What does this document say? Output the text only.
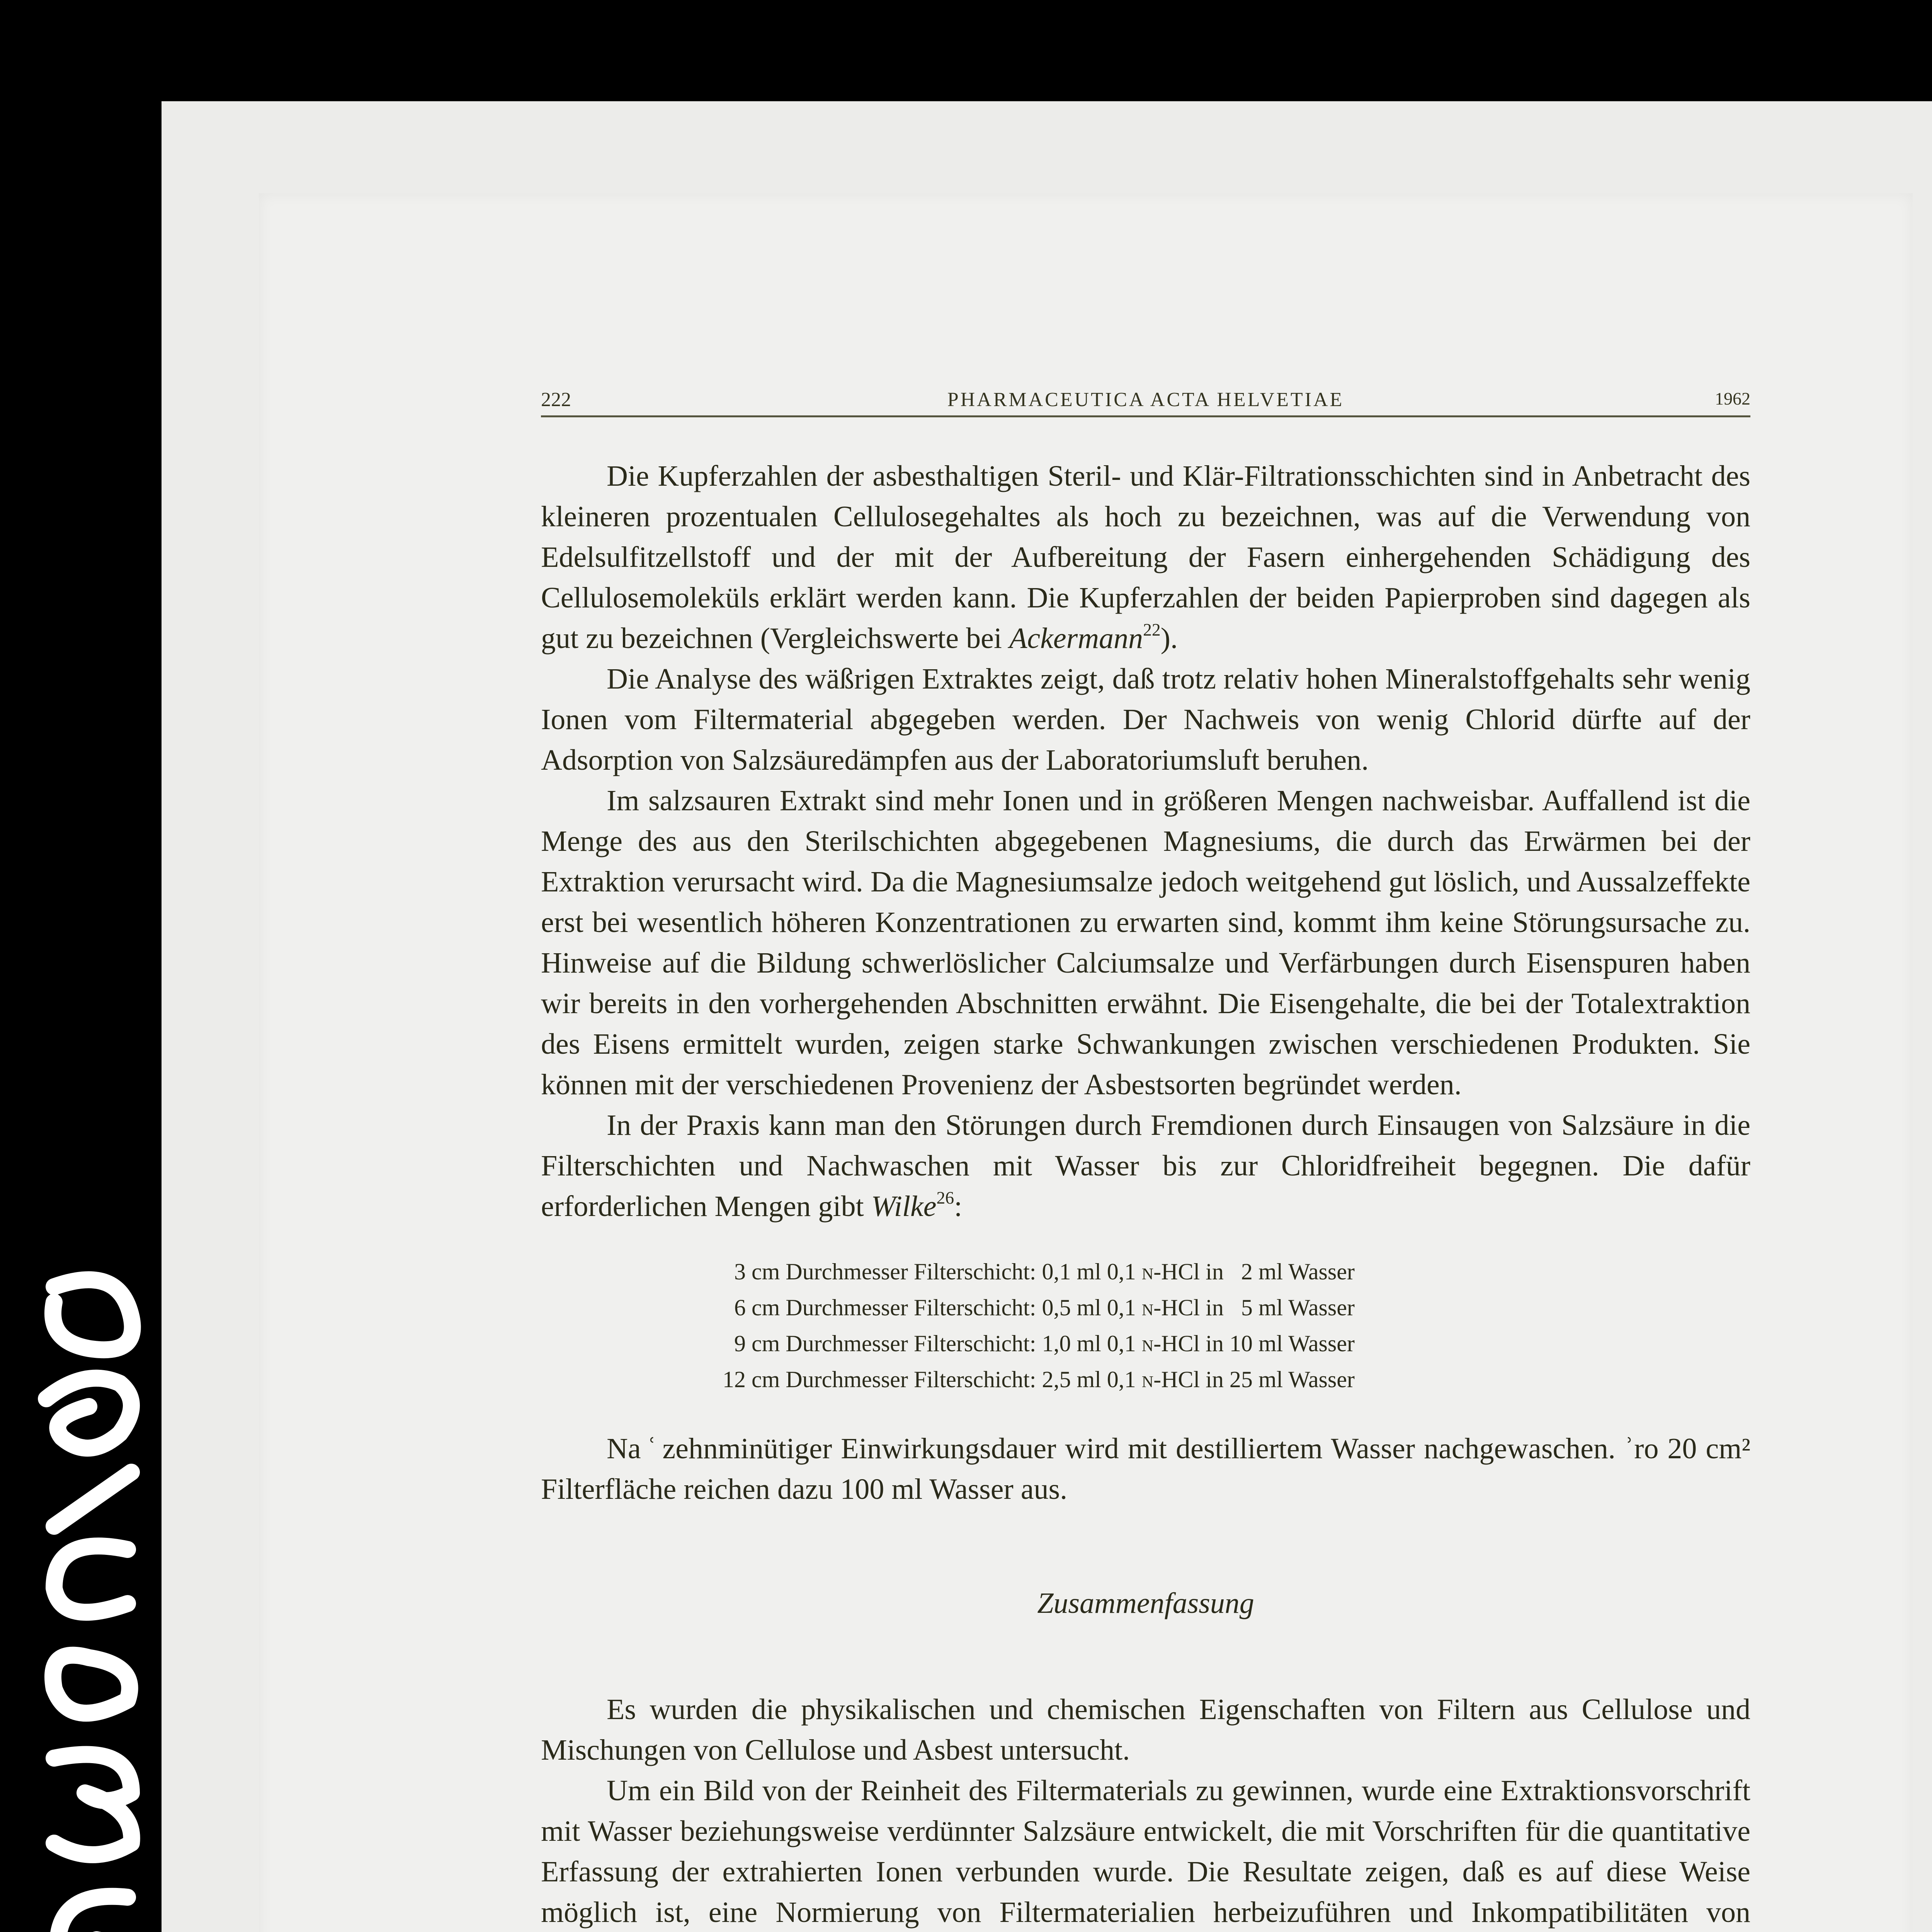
222	PHARMACEUTICA ACTA HELVETIAE	1962

Die Kupferzahlen der asbesthaltigen Steril- und Klär-Filtrationsschichten sind in Anbetracht des kleineren prozentualen Cellulosegehaltes als hoch zu bezeichnen, was auf die Verwendung von Edelsulfitzellstoff und der mit der Aufbereitung der Fasern einhergehenden Schädigung des Cellulosemoleküls erklärt werden kann. Die Kupferzahlen der beiden Papierproben sind dagegen als gut zu bezeichnen (Vergleichswerte bei Ackermann$^{22}$).

Die Analyse des wäßrigen Extraktes zeigt, daß trotz relativ hohen Mineralstoffgehalts sehr wenig Ionen vom Filtermaterial abgegeben werden. Der Nachweis von wenig Chlorid dürfte auf der Adsorption von Salzsäuredämpfen aus der Laboratoriumsluft beruhen.

Im salzsauren Extrakt sind mehr Ionen und in größeren Mengen nachweisbar. Auffallend ist die Menge des aus den Sterilschichten abgegebenen Magnesiums, die durch das Erwärmen bei der Extraktion verursacht wird. Da die Magnesiumsalze jedoch weitgehend gut löslich, und Aussalzeffekte erst bei wesentlich höheren Konzentrationen zu erwarten sind, kommt ihm keine Störungsursache zu. Hinweise auf die Bildung schwerlöslicher Calciumsalze und Verfärbungen durch Eisenspuren haben wir bereits in den vorhergehenden Abschnitten erwähnt. Die Eisengehalte, die bei der Totalextraktion des Eisens ermittelt wurden, zeigen starke Schwankungen zwischen verschiedenen Produkten. Sie können mit der verschiedenen Provenienz der Asbestsorten begründet werden.

In der Praxis kann man den Störungen durch Fremdionen durch Einsaugen von Salzsäure in die Filterschichten und Nachwaschen mit Wasser bis zur Chloridfreiheit begegnen. Die dafür erforderlichen Mengen gibt Wilke$^{26}$:

3	cm Durchmesser Filterschicht:	0,1	ml 0,1 n-HCl in	2	ml Wasser
6	cm Durchmesser Filterschicht:	0,5	ml 0,1 n-HCl in	5	ml Wasser
9	cm Durchmesser Filterschicht:	1,0	ml 0,1 n-HCl in	10	ml Wasser
12	cm Durchmesser Filterschicht:	2,5	ml 0,1 n-HCl in	25	ml Wasser

Na ʿ zehnminütiger Einwirkungsdauer wird mit destilliertem Wasser nachgewaschen. ʾro 20 cm² Filterfläche reichen dazu 100 ml Wasser aus.

Zusammenfassung

Es wurden die physikalischen und chemischen Eigenschaften von Filtern aus Cellulose und Mischungen von Cellulose und Asbest untersucht.

Um ein Bild von der Reinheit des Filtermaterials zu gewinnen, wurde eine Extraktionsvorschrift mit Wasser beziehungsweise verdünnter Salzsäure entwickelt, die mit Vorschriften für die quantitative Erfassung der extrahierten Ionen verbunden wurde. Die Resultate zeigen, daß es auf diese Weise möglich ist, eine Normierung von Filtermaterialien herbeizuführen und Inkompatibilitäten von
